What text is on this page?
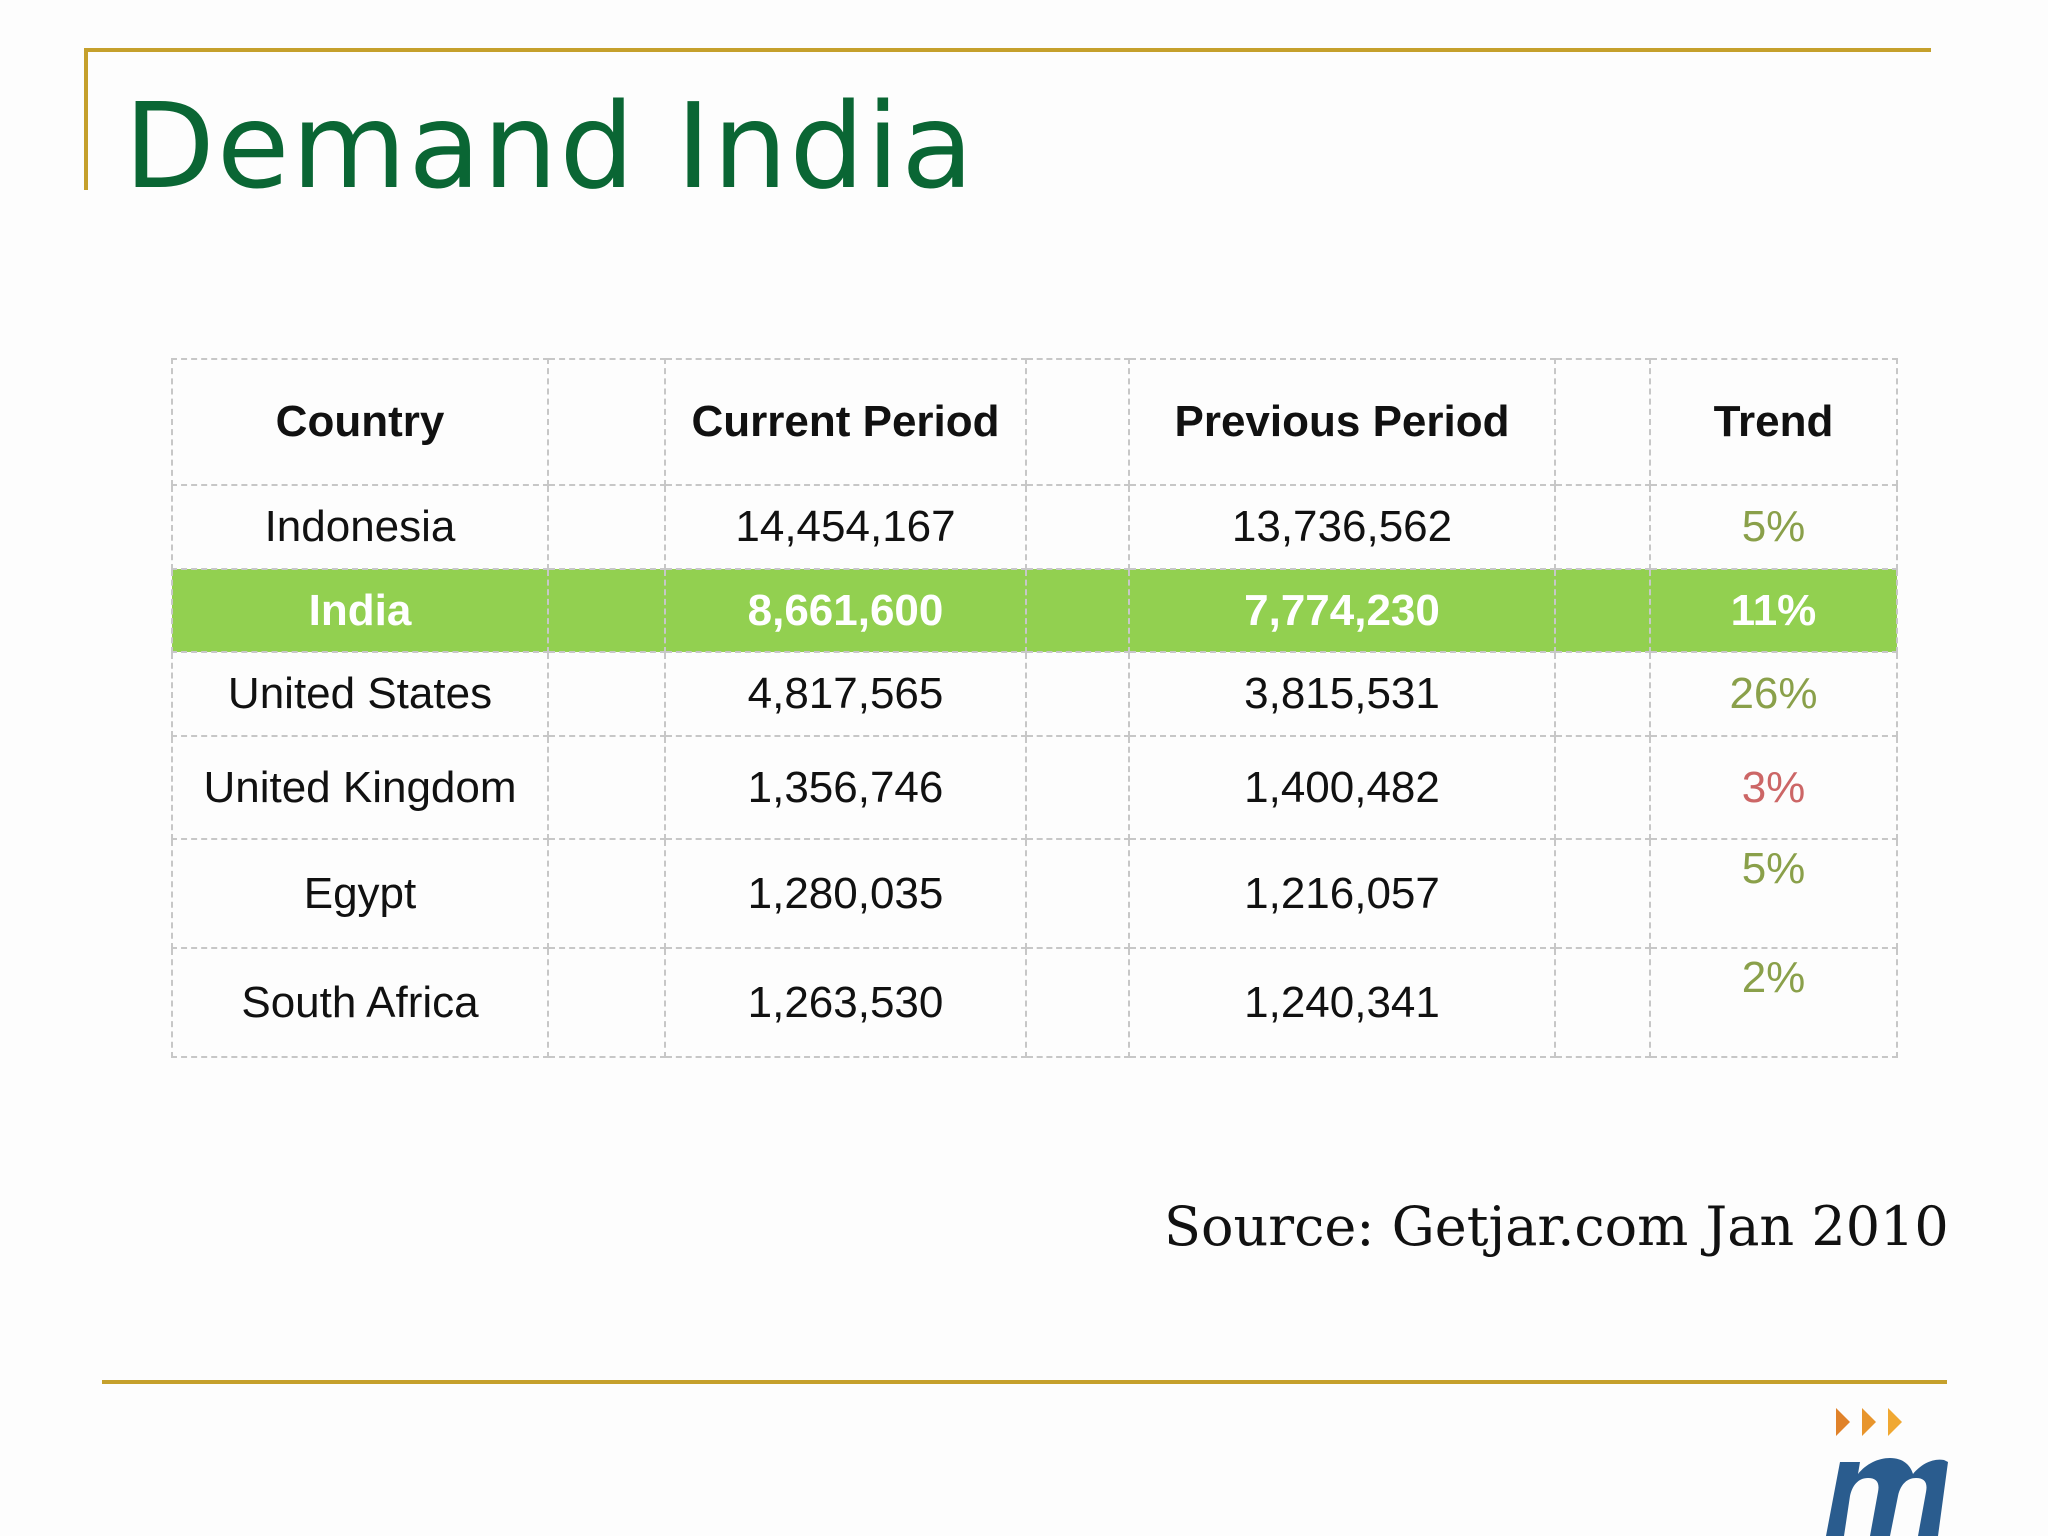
Demand India
Country		Current Period		Previous Period		Trend
Indonesia		14,454,167		13,736,562		5%
India		8,661,600		7,774,230		11%
United States		4,817,565		3,815,531		26%
United Kingdom		1,356,746		1,400,482		3%
Egypt		1,280,035		1,216,057		5%
South Africa		1,263,530		1,240,341		2%
Source: Getjar.com Jan 2010
